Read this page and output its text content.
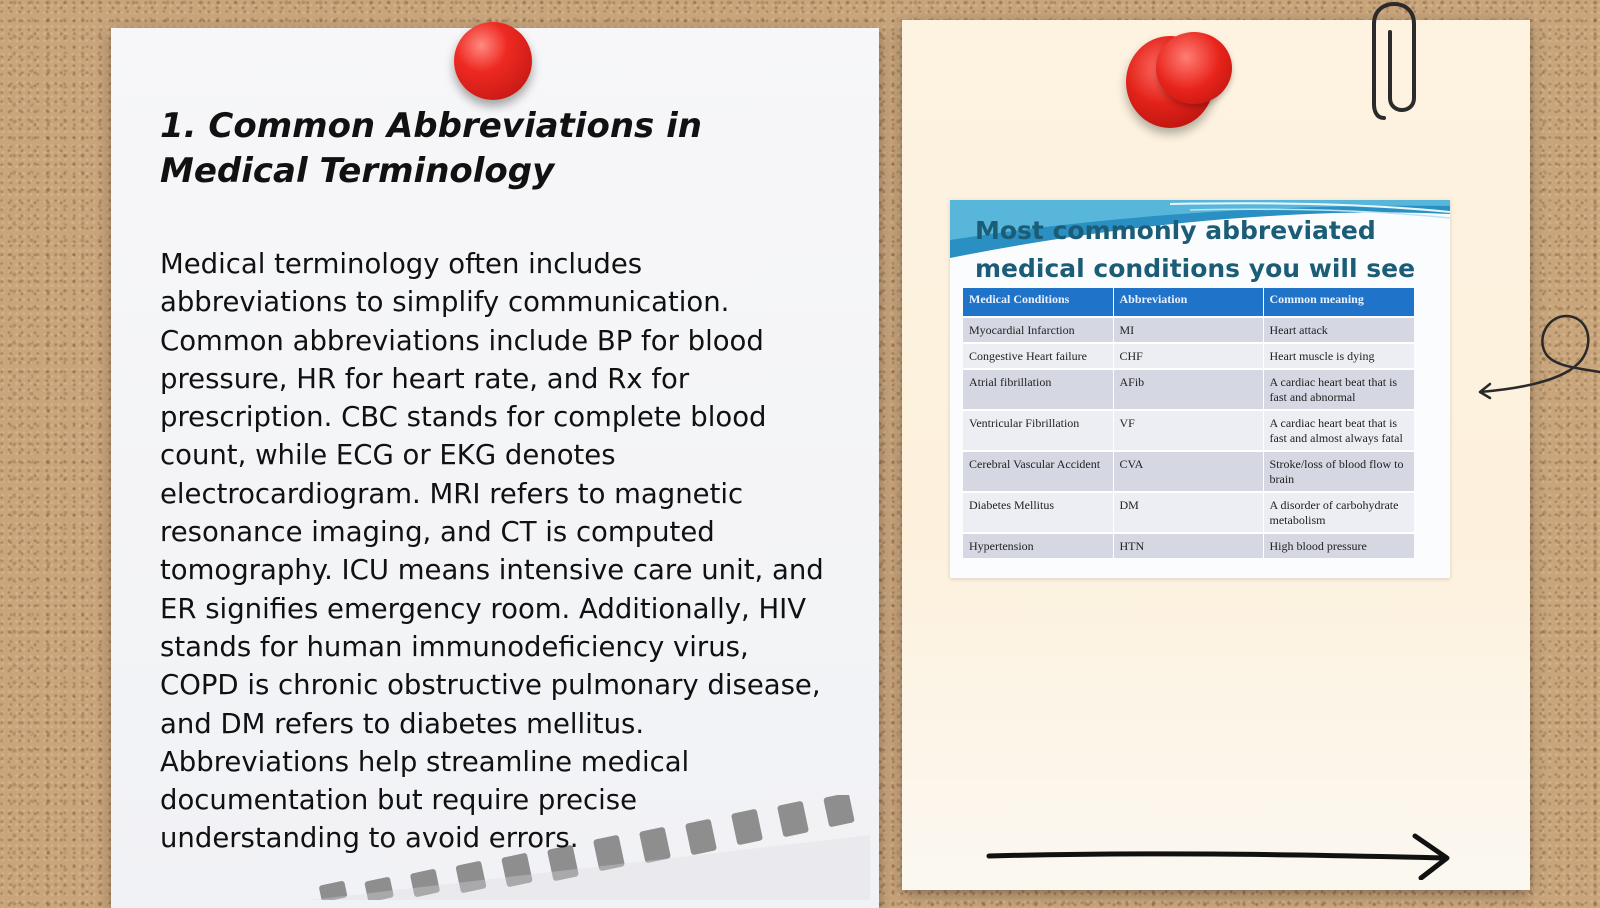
1. Common Abbreviations in Medical Terminology

Medical terminology often includes abbreviations to simplify communication. Common abbreviations include BP for blood pressure, HR for heart rate, and Rx for prescription. CBC stands for complete blood count, while ECG or EKG denotes electrocardiogram. MRI refers to magnetic resonance imaging, and CT is computed tomography. ICU means intensive care unit, and ER signifies emergency room. Additionally, HIV stands for human immunodeficiency virus, COPD is chronic obstructive pulmonary disease, and DM refers to diabetes mellitus. Abbreviations help streamline medical documentation but require precise understanding to avoid errors.

Most commonly abbreviated medical conditions you will see
Medical Conditions	Abbreviation	Common meaning
Myocardial Infarction	MI	Heart attack
Congestive Heart failure	CHF	Heart muscle is dying
Atrial fibrillation	AFib	A cardiac heart beat that is fast and abnormal
Ventricular Fibrillation	VF	A cardiac heart beat that is fast and almost always fatal
Cerebral Vascular Accident	CVA	Stroke/loss of blood flow to brain
Diabetes Mellitus	DM	A disorder of carbohydrate metabolism
Hypertension	HTN	High blood pressure
